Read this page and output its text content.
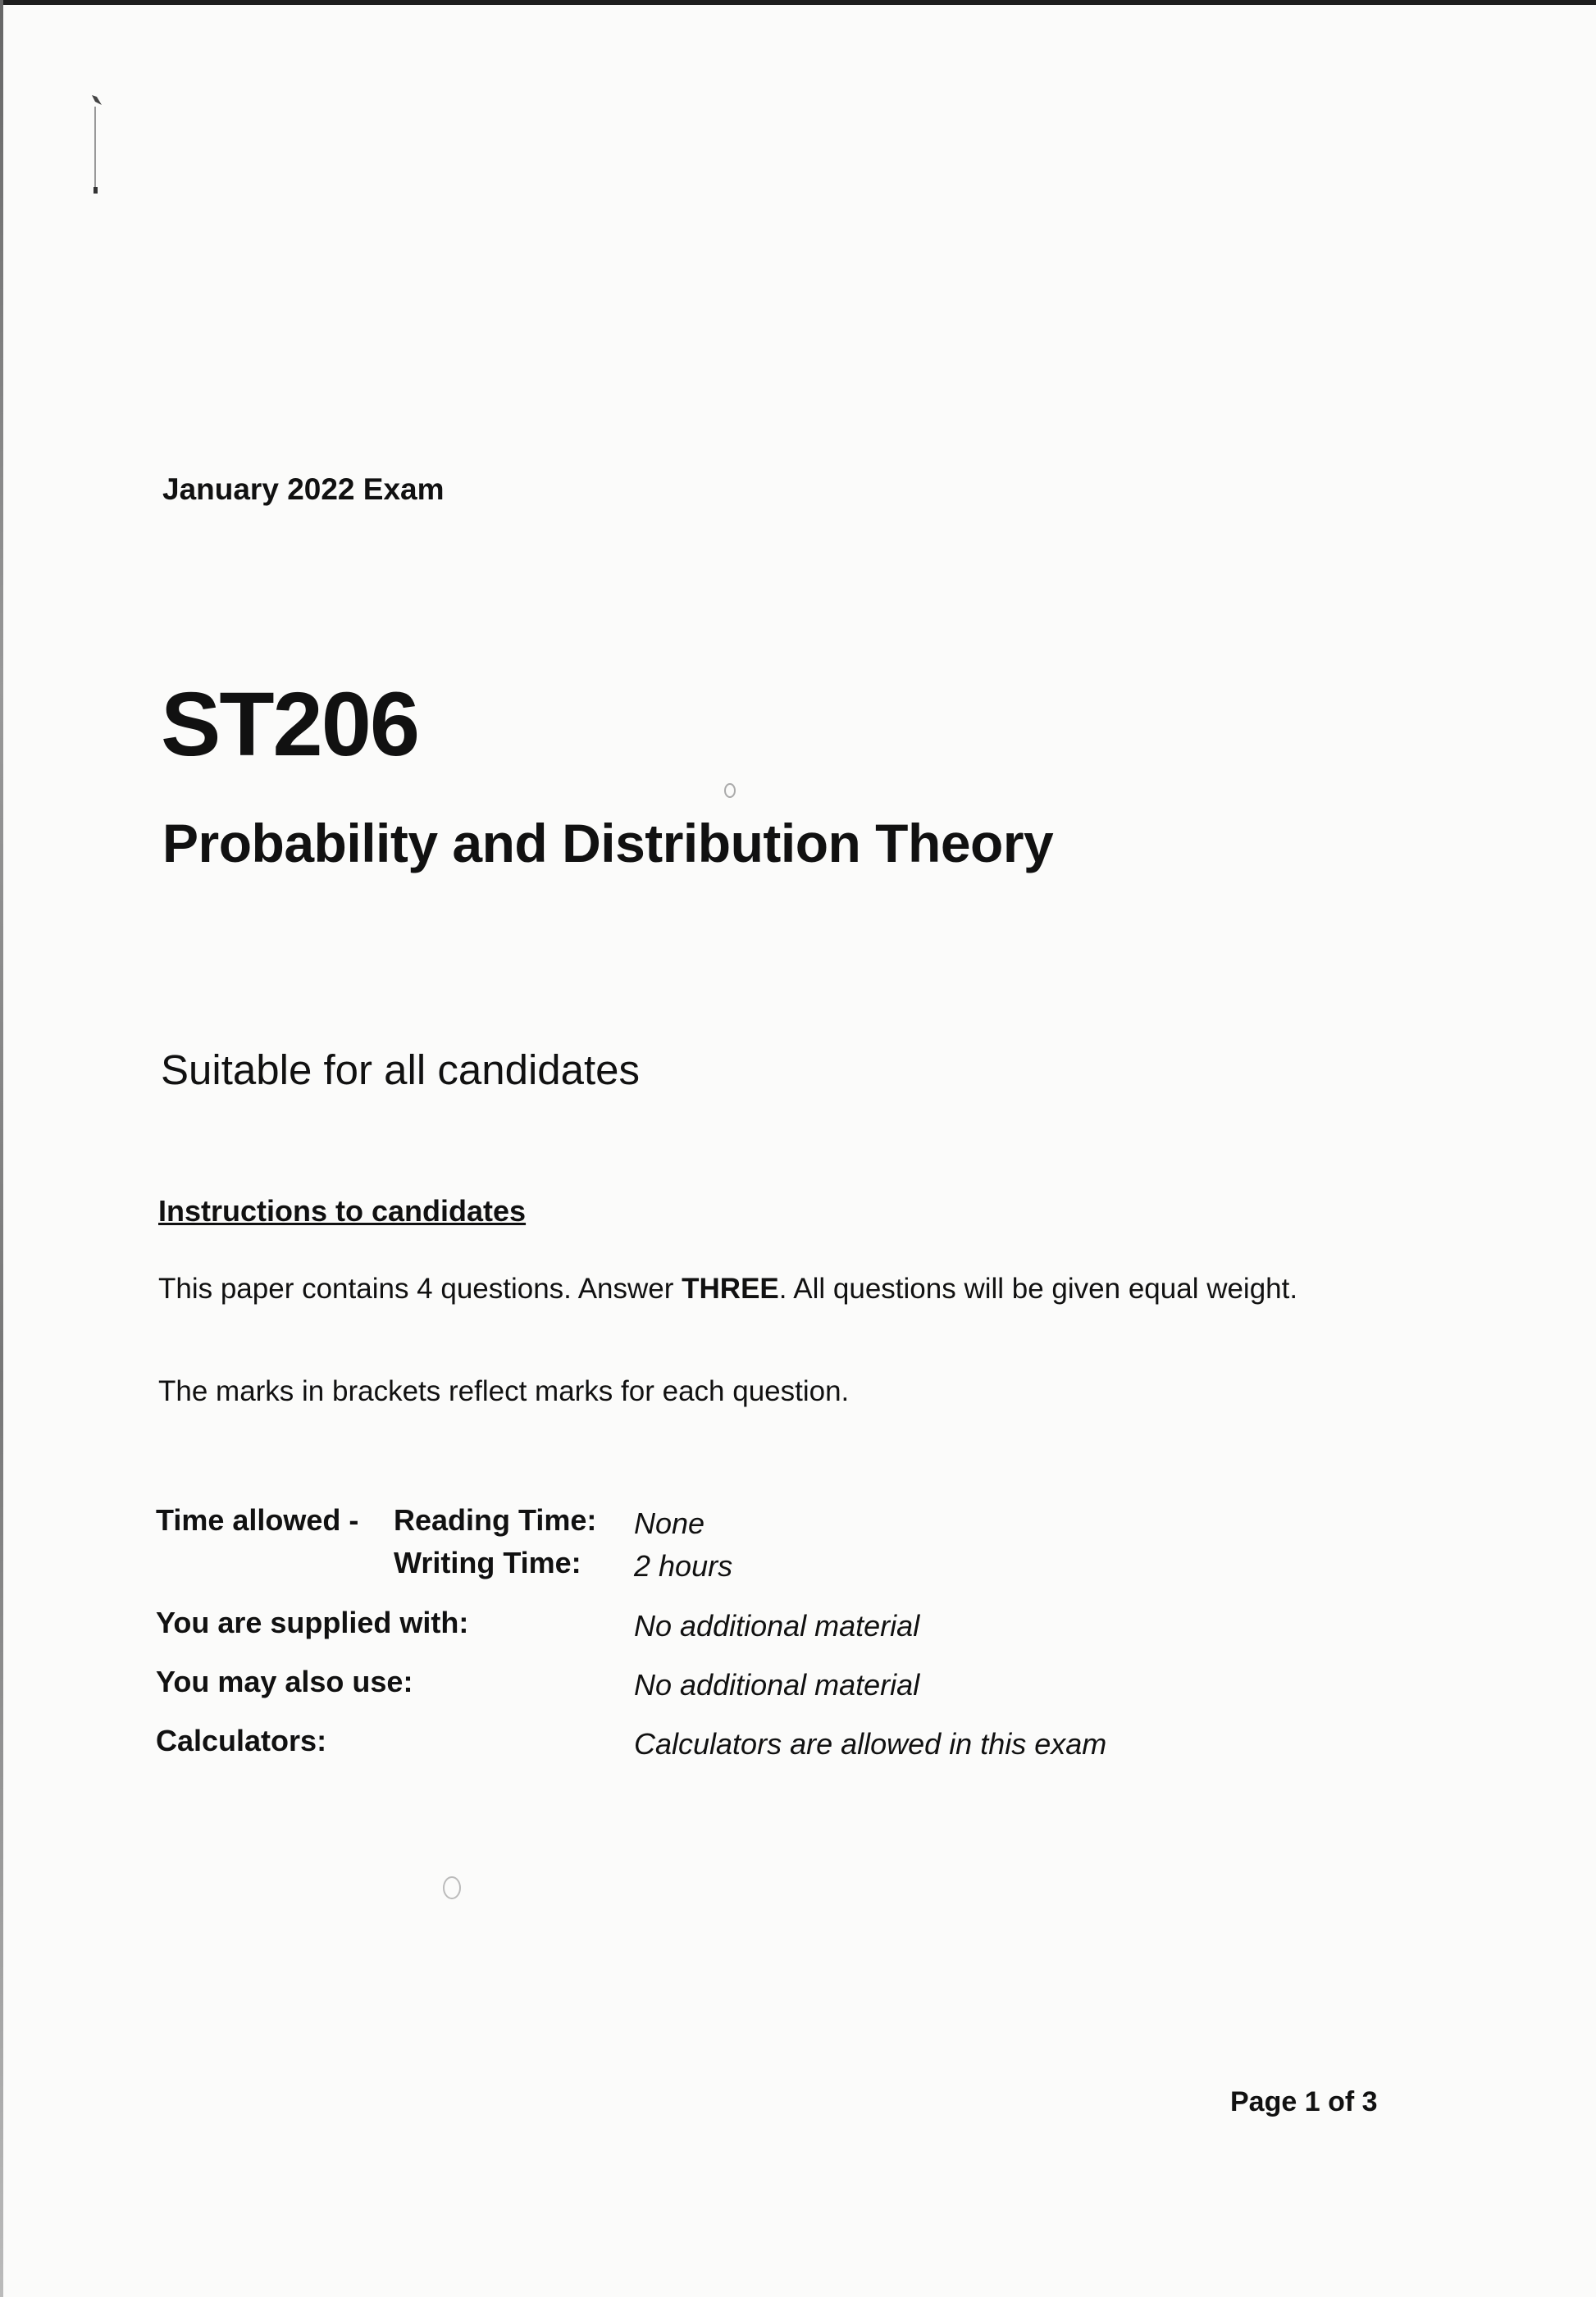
January 2022 Exam
ST206
Probability and Distribution Theory
Suitable for all candidates
Instructions to candidates
This paper contains 4 questions. Answer THREE. All questions will be given equal weight.
The marks in brackets reflect marks for each question.
Time allowed - Reading Time: None
Writing Time: 2 hours
You are supplied with:	No additional material
You may also use:	No additional material
Calculators:	Calculators are allowed in this exam
Page 1 of 3
